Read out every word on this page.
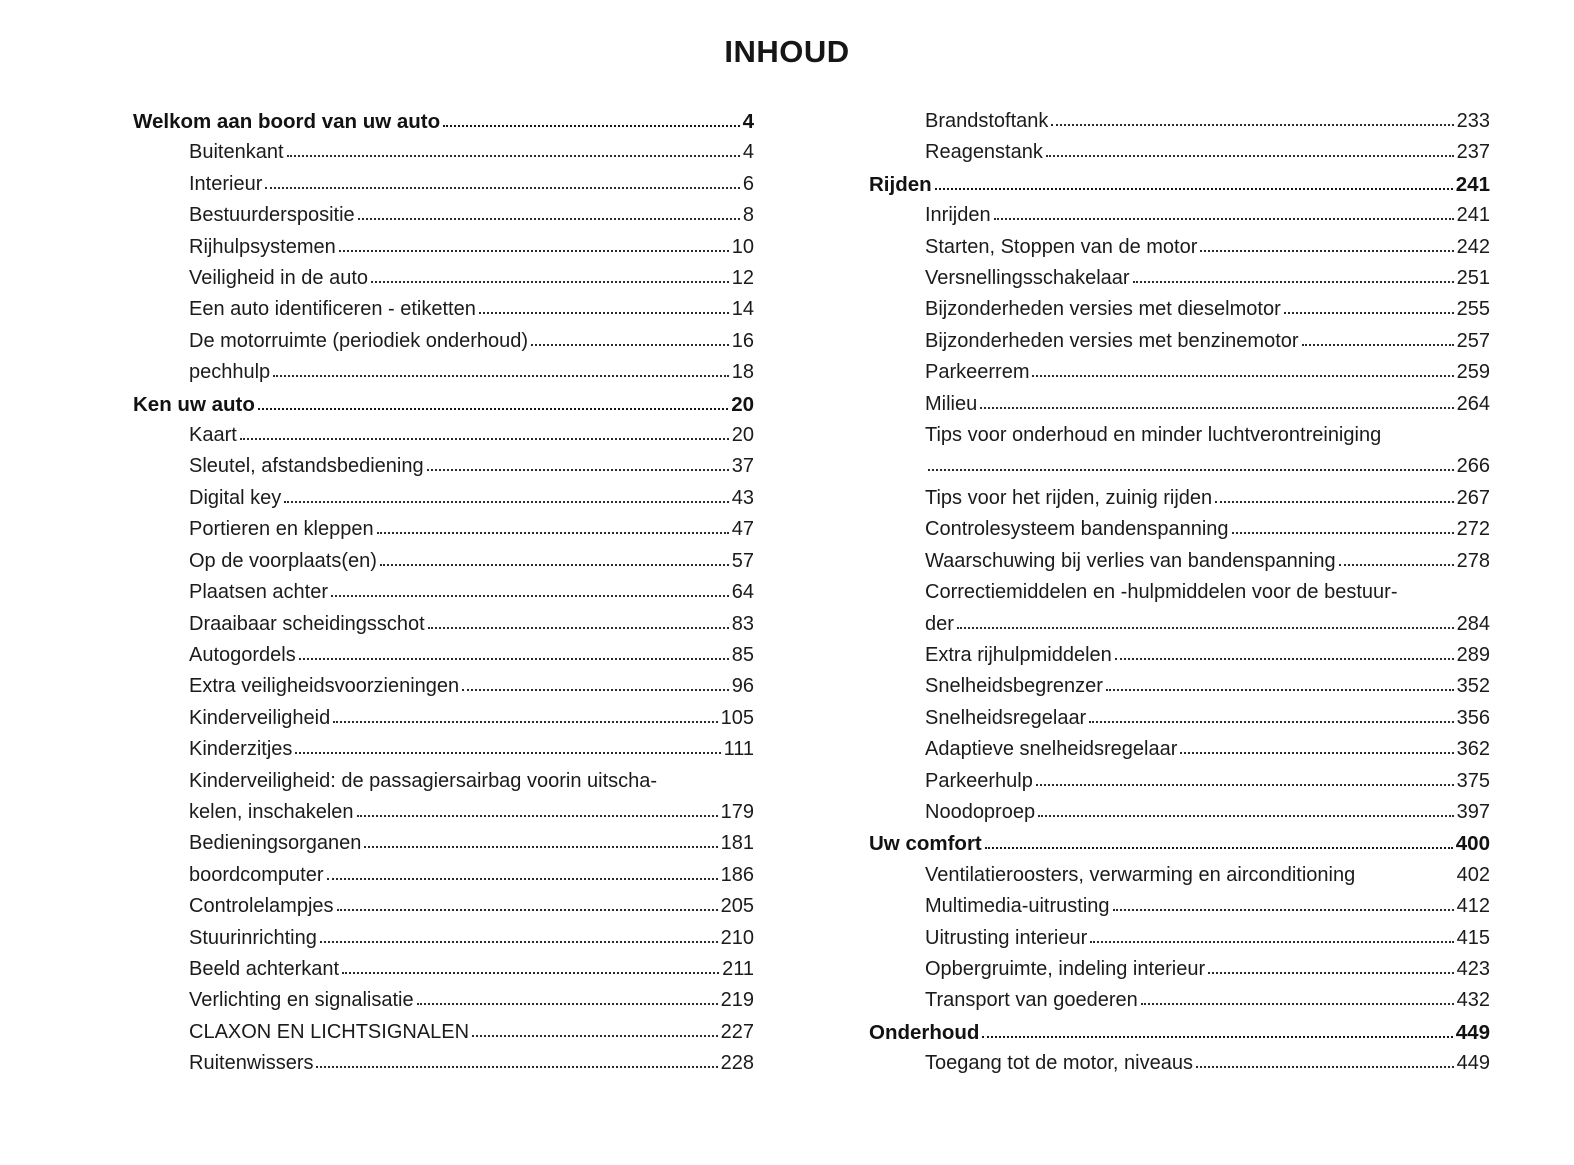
INHOUD
Welkom aan boord van uw auto	4
Buitenkant	4
Interieur	6
Bestuurderspositie	8
Rijhulpsystemen	10
Veiligheid in de auto	12
Een auto identificeren - etiketten	14
De motorruimte (periodiek onderhoud)	16
pechhulp	18
Ken uw auto	20
Kaart	20
Sleutel, afstandsbediening	37
Digital key	43
Portieren en kleppen	47
Op de voorplaats(en)	57
Plaatsen achter	64
Draaibaar scheidingsschot	83
Autogordels	85
Extra veiligheidsvoorzieningen	96
Kinderveiligheid	105
Kinderzitjes	111
Kinderveiligheid: de passagiersairbag voorin uitscha-
kelen, inschakelen	179
Bedieningsorganen	181
boordcomputer	186
Controlelampjes	205
Stuurinrichting	210
Beeld achterkant	211
Verlichting en signalisatie	219
CLAXON EN LICHTSIGNALEN	227
Ruitenwissers	228
Brandstoftank	233
Reagenstank	237
Rijden	241
Inrijden	241
Starten, Stoppen van de motor	242
Versnellingsschakelaar	251
Bijzonderheden versies met dieselmotor	255
Bijzonderheden versies met benzinemotor	257
Parkeerrem	259
Milieu	264
Tips voor onderhoud en minder luchtverontreiniging
266
Tips voor het rijden, zuinig rijden	267
Controlesysteem bandenspanning	272
Waarschuwing bij verlies van bandenspanning	278
Correctiemiddelen en -hulpmiddelen voor de bestuur-
der	284
Extra rijhulpmiddelen	289
Snelheidsbegrenzer	352
Snelheidsregelaar	356
Adaptieve snelheidsregelaar	362
Parkeerhulp	375
Noodoproep	397
Uw comfort	400
Ventilatieroosters, verwarming en airconditioning	402
Multimedia-uitrusting	412
Uitrusting interieur	415
Opbergruimte, indeling interieur	423
Transport van goederen	432
Onderhoud	449
Toegang tot de motor, niveaus	449
